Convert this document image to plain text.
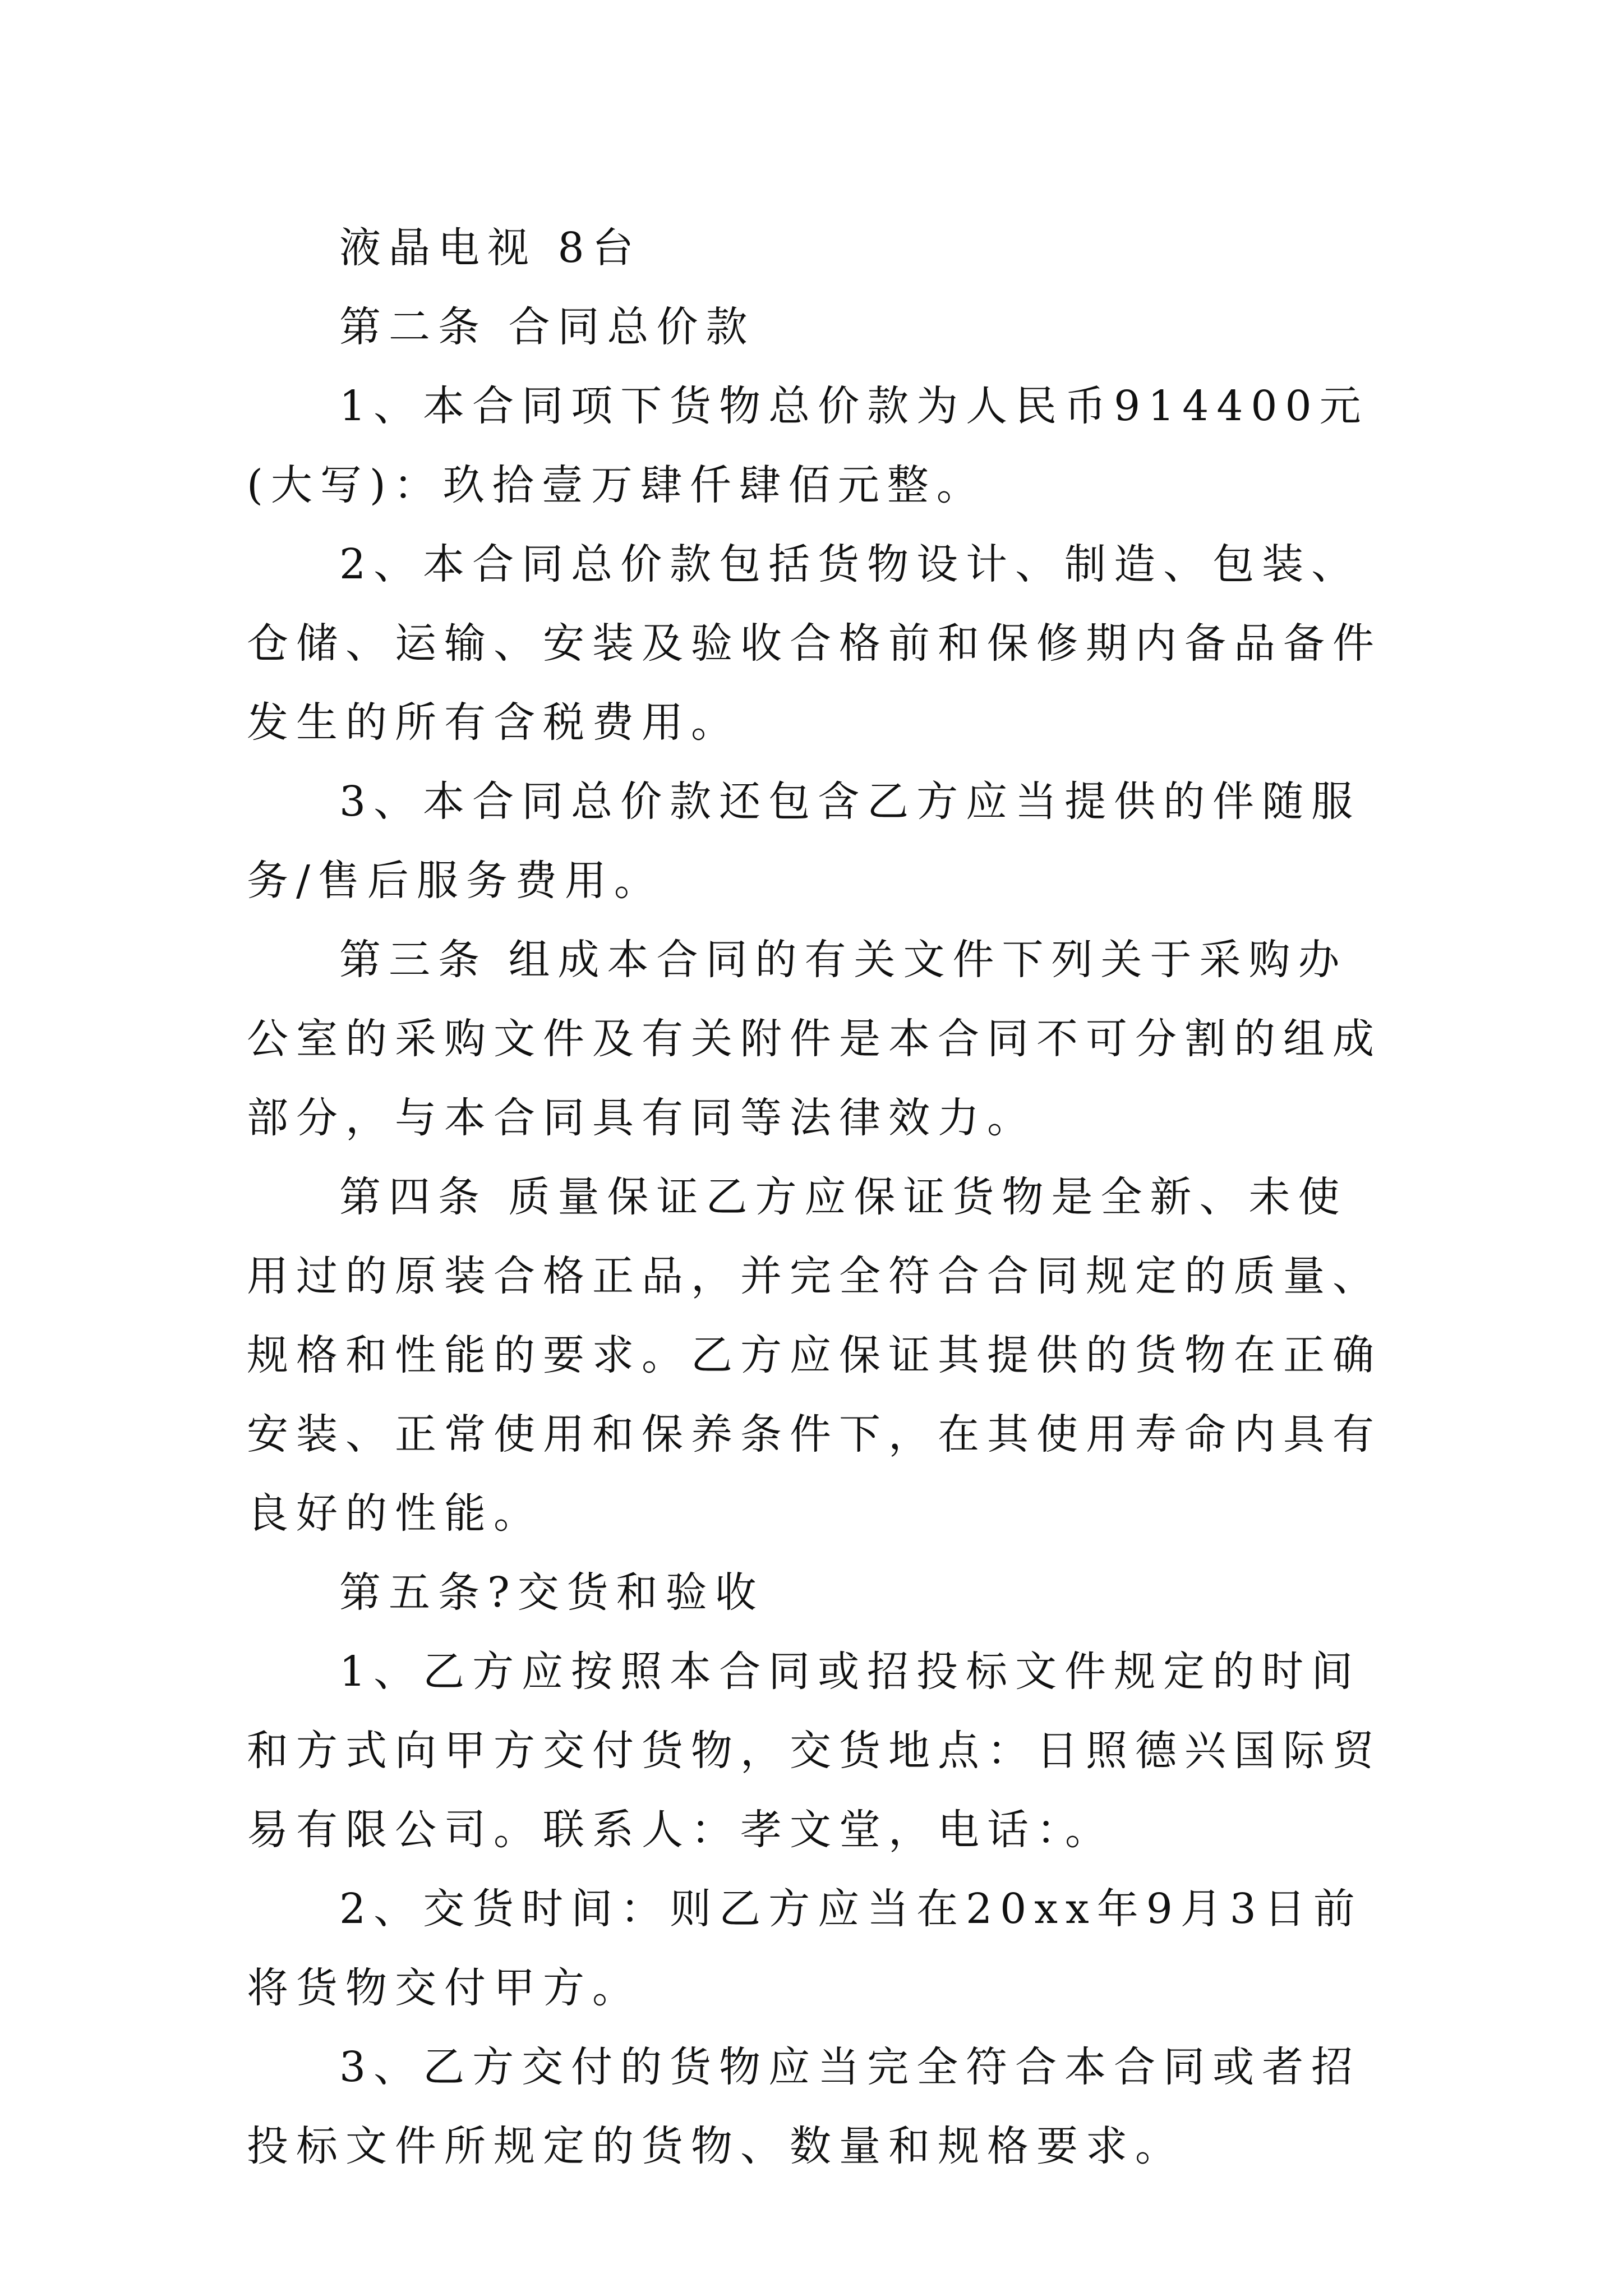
液晶电视 8台

第二条 合同总价款

1、本合同项下货物总价款为人民币914400元(大写)：玖拾壹万肆仟肆佰元整。

2、本合同总价款包括货物设计、制造、包装、仓储、运输、安装及验收合格前和保修期内备品备件发生的所有含税费用。

3、本合同总价款还包含乙方应当提供的伴随服务/售后服务费用。

第三条 组成本合同的有关文件下列关于采购办公室的采购文件及有关附件是本合同不可分割的组成部分，与本合同具有同等法律效力。

第四条 质量保证乙方应保证货物是全新、未使用过的原装合格正品，并完全符合合同规定的质量、规格和性能的要求。乙方应保证其提供的货物在正确安装、正常使用和保养条件下，在其使用寿命内具有良好的性能。

第五条?交货和验收

1、乙方应按照本合同或招投标文件规定的时间和方式向甲方交付货物，交货地点：日照德兴国际贸易有限公司。联系人：孝文堂，电话：。

2、交货时间：则乙方应当在20xx年9月3日前将货物交付甲方。

3、乙方交付的货物应当完全符合本合同或者招投标文件所规定的货物、数量和规格要求。
